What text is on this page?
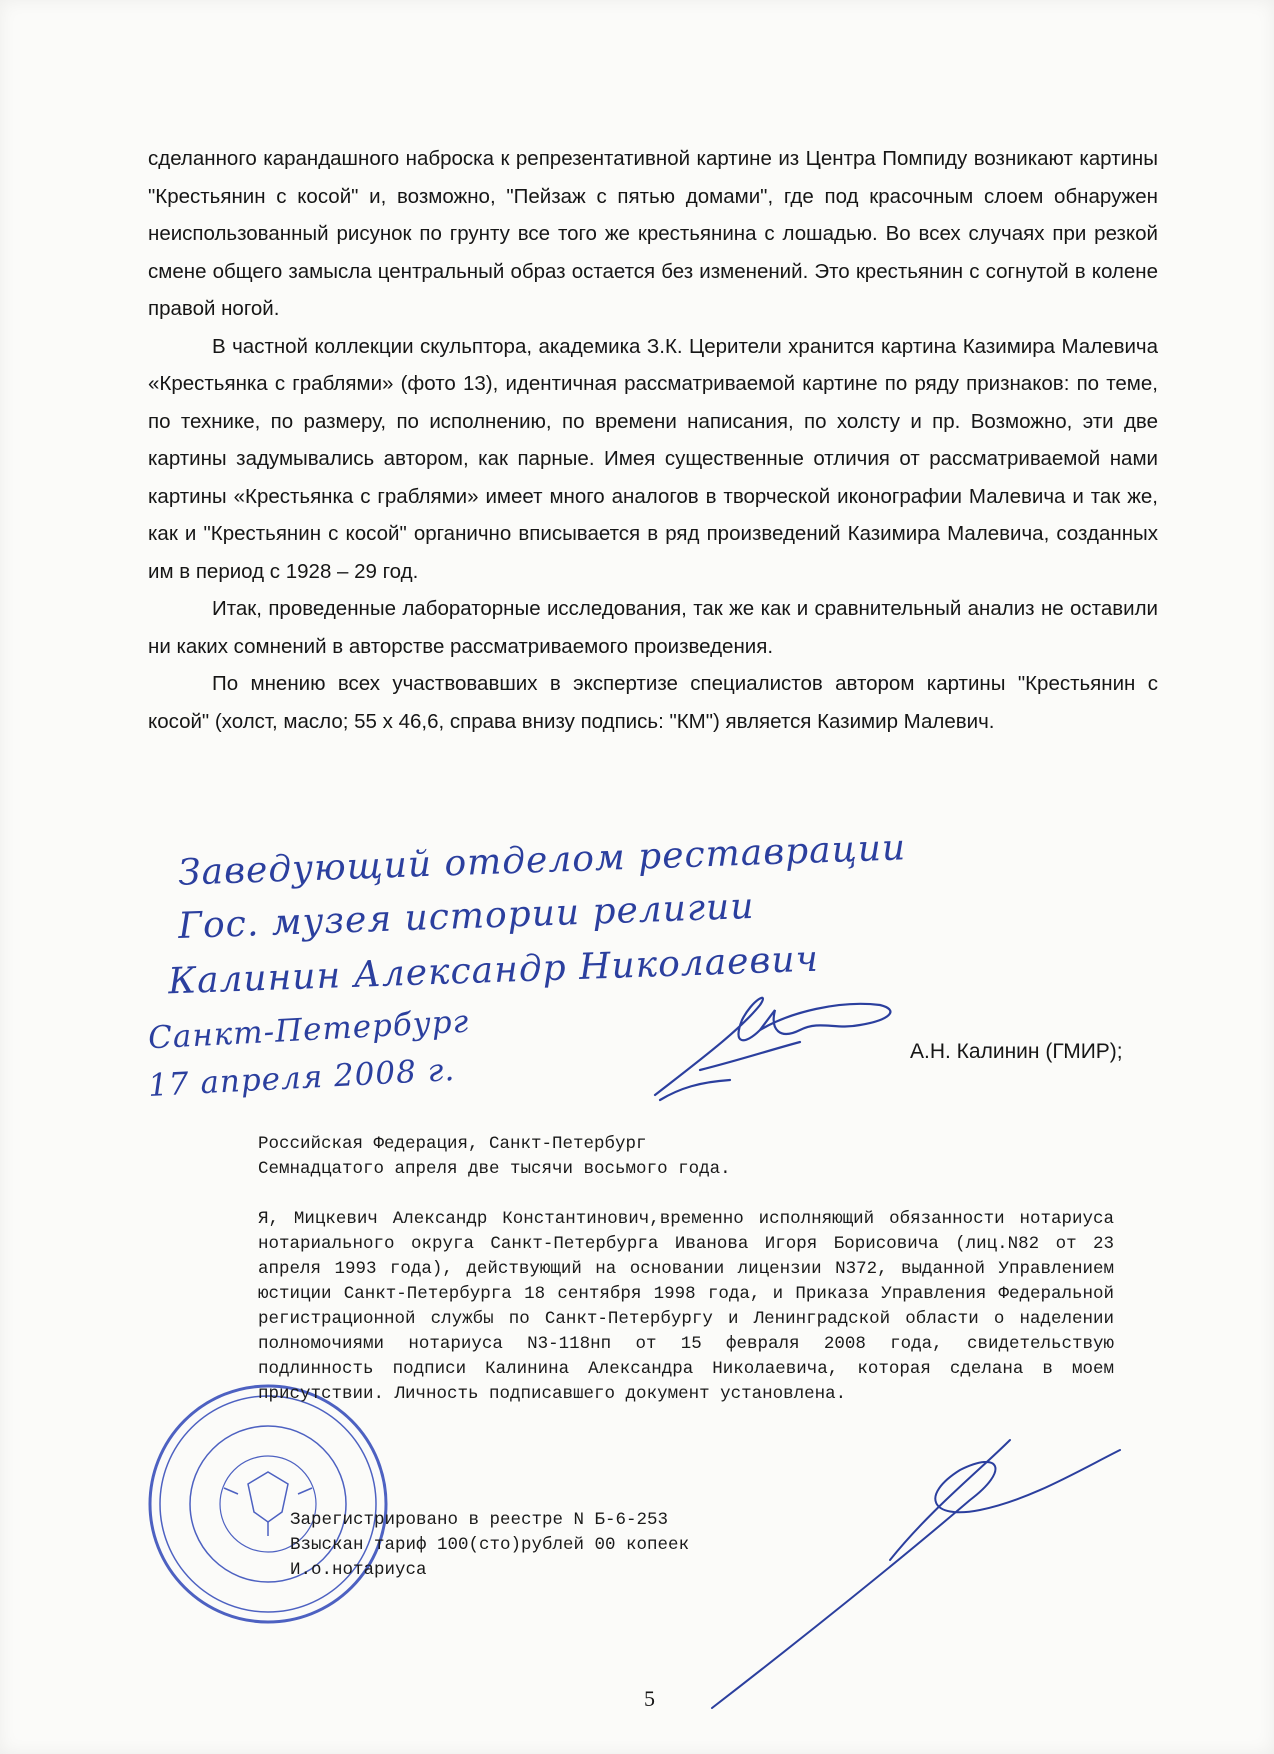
сделанного карандашного наброска к репрезентативной картине из Центра Помпиду возникают картины "Крестьянин с косой" и, возможно, "Пейзаж с пятью домами", где под красочным слоем обнаружен неиспользованный рисунок по грунту все того же крестьянина с лошадью. Во всех случаях при резкой смене общего замысла центральный образ остается без изменений. Это крестьянин с согнутой в колене правой ногой.

В частной коллекции скульптора, академика З.К. Церители хранится картина Казимира Малевича «Крестьянка с граблями» (фото 13), идентичная рассматриваемой картине по ряду признаков: по теме, по технике, по размеру, по исполнению, по времени написания, по холсту и пр. Возможно, эти две картины задумывались автором, как парные. Имея существенные отличия от рассматриваемой нами картины «Крестьянка с граблями» имеет много аналогов в творческой иконографии Малевича и так же, как и "Крестьянин с косой" органично вписывается в ряд произведений Казимира Малевича, созданных им в период с 1928 – 29 год.

Итак, проведенные лабораторные исследования, так же как и сравнительный анализ не оставили ни каких сомнений в авторстве рассматриваемого произведения.

По мнению всех участвовавших в экспертизе специалистов автором картины "Крестьянин с косой" (холст, масло; 55 х 46,6, справа внизу подпись: "КМ") является Казимир Малевич.

Заведующий отделом реставрации
Гос. музея истории религии
Калинин Александр Николаевич
Санкт-Петербург
17 апреля 2008 г.
А.Н. Калинин (ГМИР);
Российская Федерация, Санкт-Петербург
Семнадцатого апреля две тысячи восьмого года.
Я, Мицкевич Александр Константинович,временно исполняющий обязанности нотариуса нотариального округа Санкт-Петербурга Иванова Игоря Борисовича (лиц.N82 от 23 апреля 1993 года), действующий на основании лицензии N372, выданной Управлением юстиции Санкт-Петербурга 18 сентября 1998 года, и Приказа Управления Федеральной регистрационной службы по Санкт-Петербургу и Ленинградской области о наделении полномочиями нотариуса N3-118нп от 15 февраля 2008 года, свидетельствую подлинность подписи Калинина Александра Николаевича, которая сделана в моем присутствии. Личность подписавшего документ установлена.
Зарегистрировано в реестре N Б-6-253
Взыскан тариф 100(сто)рублей 00 копеек
И.о.нотариуса
5
